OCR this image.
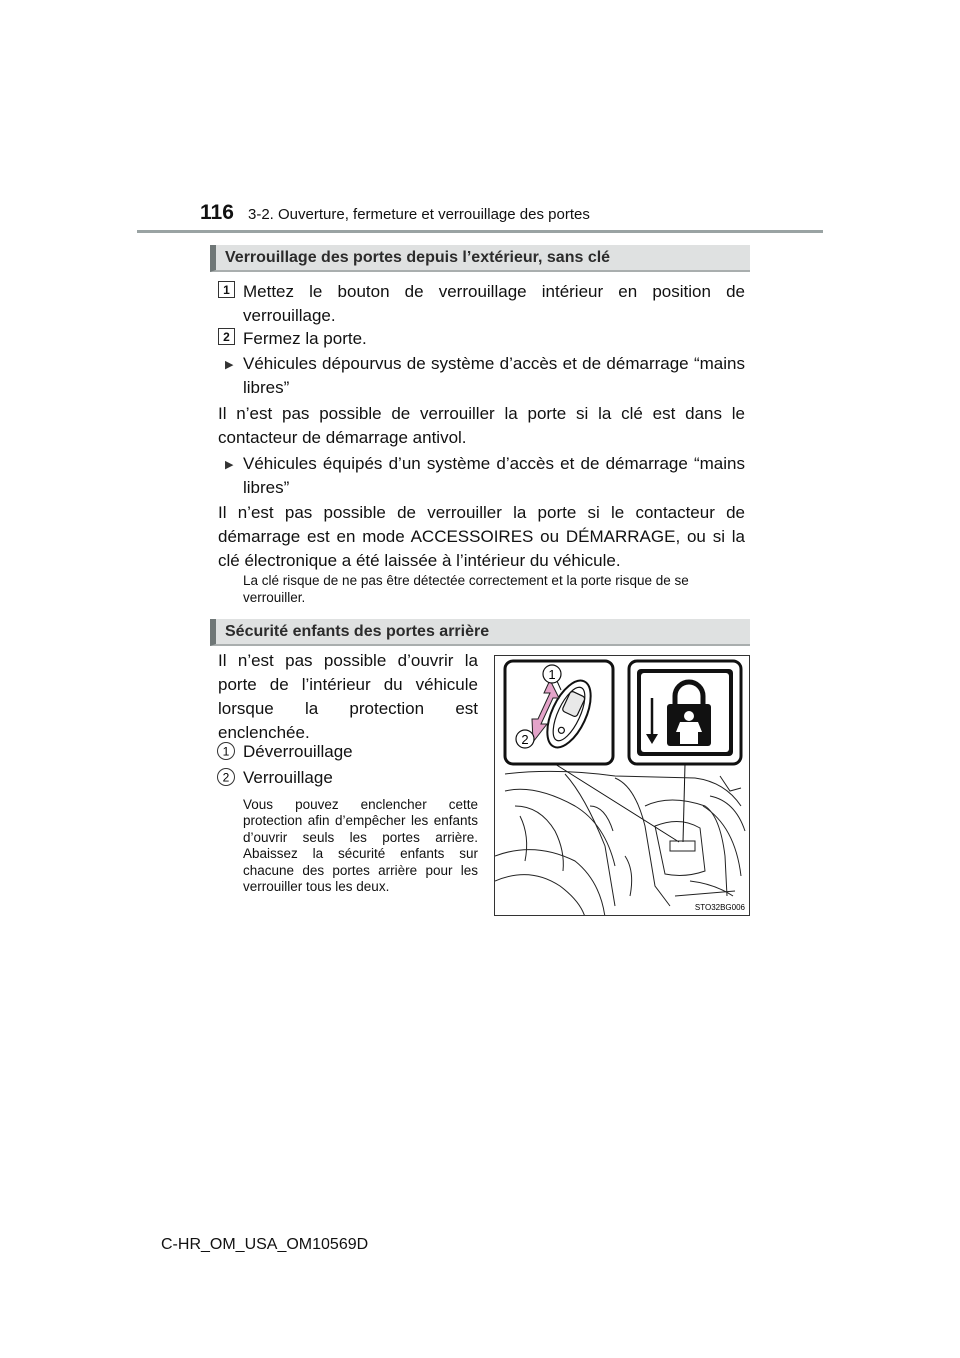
116 3-2. Ouverture, fermeture et verrouillage des portes
Verrouillage des portes depuis l’extérieur, sans clé
1 Mettez le bouton de verrouillage intérieur en position de verrouillage.
2 Fermez la porte.
▶ Véhicules dépourvus de système d’accès et de démarrage “mains libres”
Il n’est pas possible de verrouiller la porte si la clé est dans le contacteur de démarrage antivol.
▶ Véhicules équipés d’un système d’accès et de démarrage “mains libres”
Il n’est pas possible de verrouiller la porte si le contacteur de démarrage est en mode ACCESSOIRES ou DÉMARRAGE, ou si la clé électronique a été laissée à l’intérieur du véhicule.
La clé risque de ne pas être détectée correctement et la porte risque de se verrouiller.
Sécurité enfants des portes arrière
Il n’est pas possible d’ouvrir la porte de l’intérieur du véhicule lorsque la protection est enclenchée.
1 Déverrouillage
2 Verrouillage
Vous pouvez enclencher cette protection afin d’empêcher les enfants d’ouvrir seuls les portes arrière. Abaissez la sécurité enfants sur chacune des portes arrière pour les verrouiller tous les deux.
1
2
STO32BG006
C-HR_OM_USA_OM10569D
